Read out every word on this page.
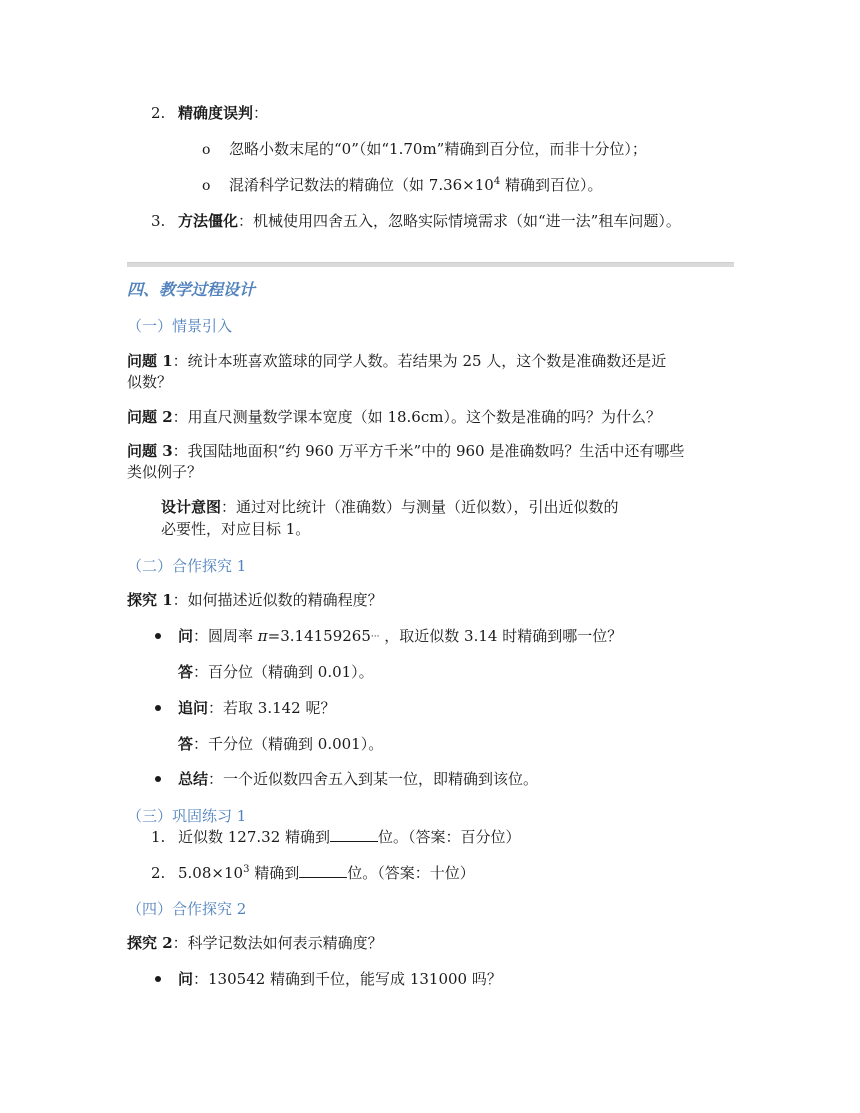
2. 精确度误判：
o 忽略小数末尾的“0”（如“1.70m”精确到百分位，而非十分位）；
o 混淆科学记数法的精确位（如 $7.36\times 10^4$ 精确到百位）。
3. 方法僵化：机械使用四舍五入，忽略实际情境需求（如“进一法”租车问题）。
四、教学过程设计
（一）情景引入
问题 1：统计本班喜欢篮球的同学人数。若结果为 25 人，这个数是准确数还是近
似数？
问题 2：用直尺测量数学课本宽度（如 18.6cm）。这个数是准确的吗？为什么？
问题 3：我国陆地面积“约 960 万平方千米”中的 960 是准确数吗？生活中还有哪些
类似例子？
设计意图：通过对比统计（准确数）与测量（近似数），引出近似数的
必要性，对应目标 1。
（二）合作探究 1
探究 1：如何描述近似数的精确程度？
问：圆周率 π=3.14159265··· ，取近似数 3.14 时精确到哪一位？
答：百分位（精确到 0.01）。
追问：若取 3.142 呢？
答：千分位（精确到 0.001）。
总结：一个近似数四舍五入到某一位，即精确到该位。
（三）巩固练习 1
1. 近似数 127.32 精确到	位。（答案：百分位）
2. $5.08\times 10^3$ 精确到	位。（答案：十位）
（四）合作探究 2
探究 2：科学记数法如何表示精确度？
问：130542 精确到千位，能写成 131000 吗？
